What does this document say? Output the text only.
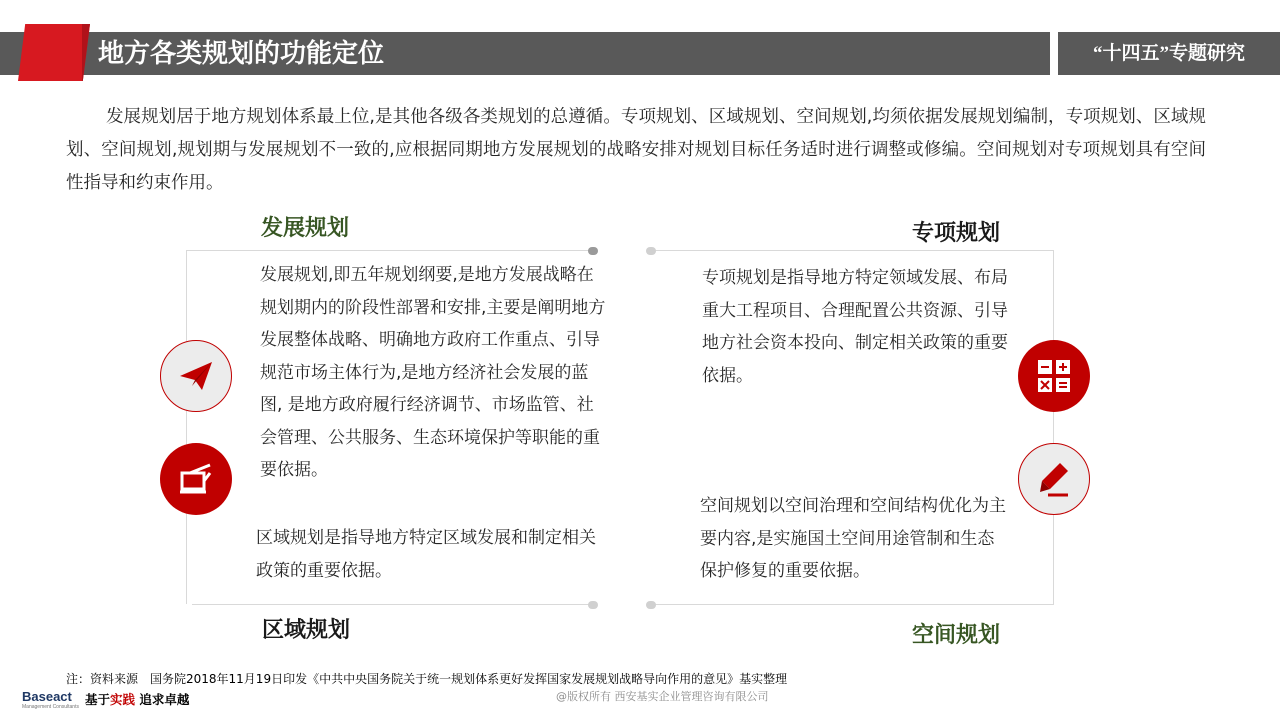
地方各类规划的功能定位	“十四五”专题研究
发展规划居于地方规划体系最上位,是其他各级各类规划的总遵循。专项规划、区域规划、空间规划,均须依据发展规划编制，专项规划、区域规划、空间规划,规划期与发展规划不一致的,应根据同期地方发展规划的战略安排对规划目标任务适时进行调整或修编。空间规划对专项规划具有空间性指导和约束作用。
发展规划	专项规划
区域规划	空间规划
发展规划,即五年规划纲要,是地方发展战略在规划期内的阶段性部署和安排,主要是阐明地方发展整体战略、明确地方政府工作重点、引导规范市场主体行为,是地方经济社会发展的蓝图, 是地方政府履行经济调节、市场监管、社会管理、公共服务、生态环境保护等职能的重要依据。
专项规划是指导地方特定领域发展、布局重大工程项目、合理配置公共资源、引导地方社会资本投向、制定相关政策的重要依据。
区域规划是指导地方特定区域发展和制定相关政策的重要依据。
空间规划以空间治理和空间结构优化为主要内容,是实施国土空间用途管制和生态保护修复的重要依据。
注：资料来源　国务院2018年11月19日印发《中共中央国务院关于统一规划体系更好发挥国家发展规划战略导向作用的意见》基实整理
Baseact
Management Consultants 基于实践 追求卓越	@版权所有 西安基实企业管理咨询有限公司
